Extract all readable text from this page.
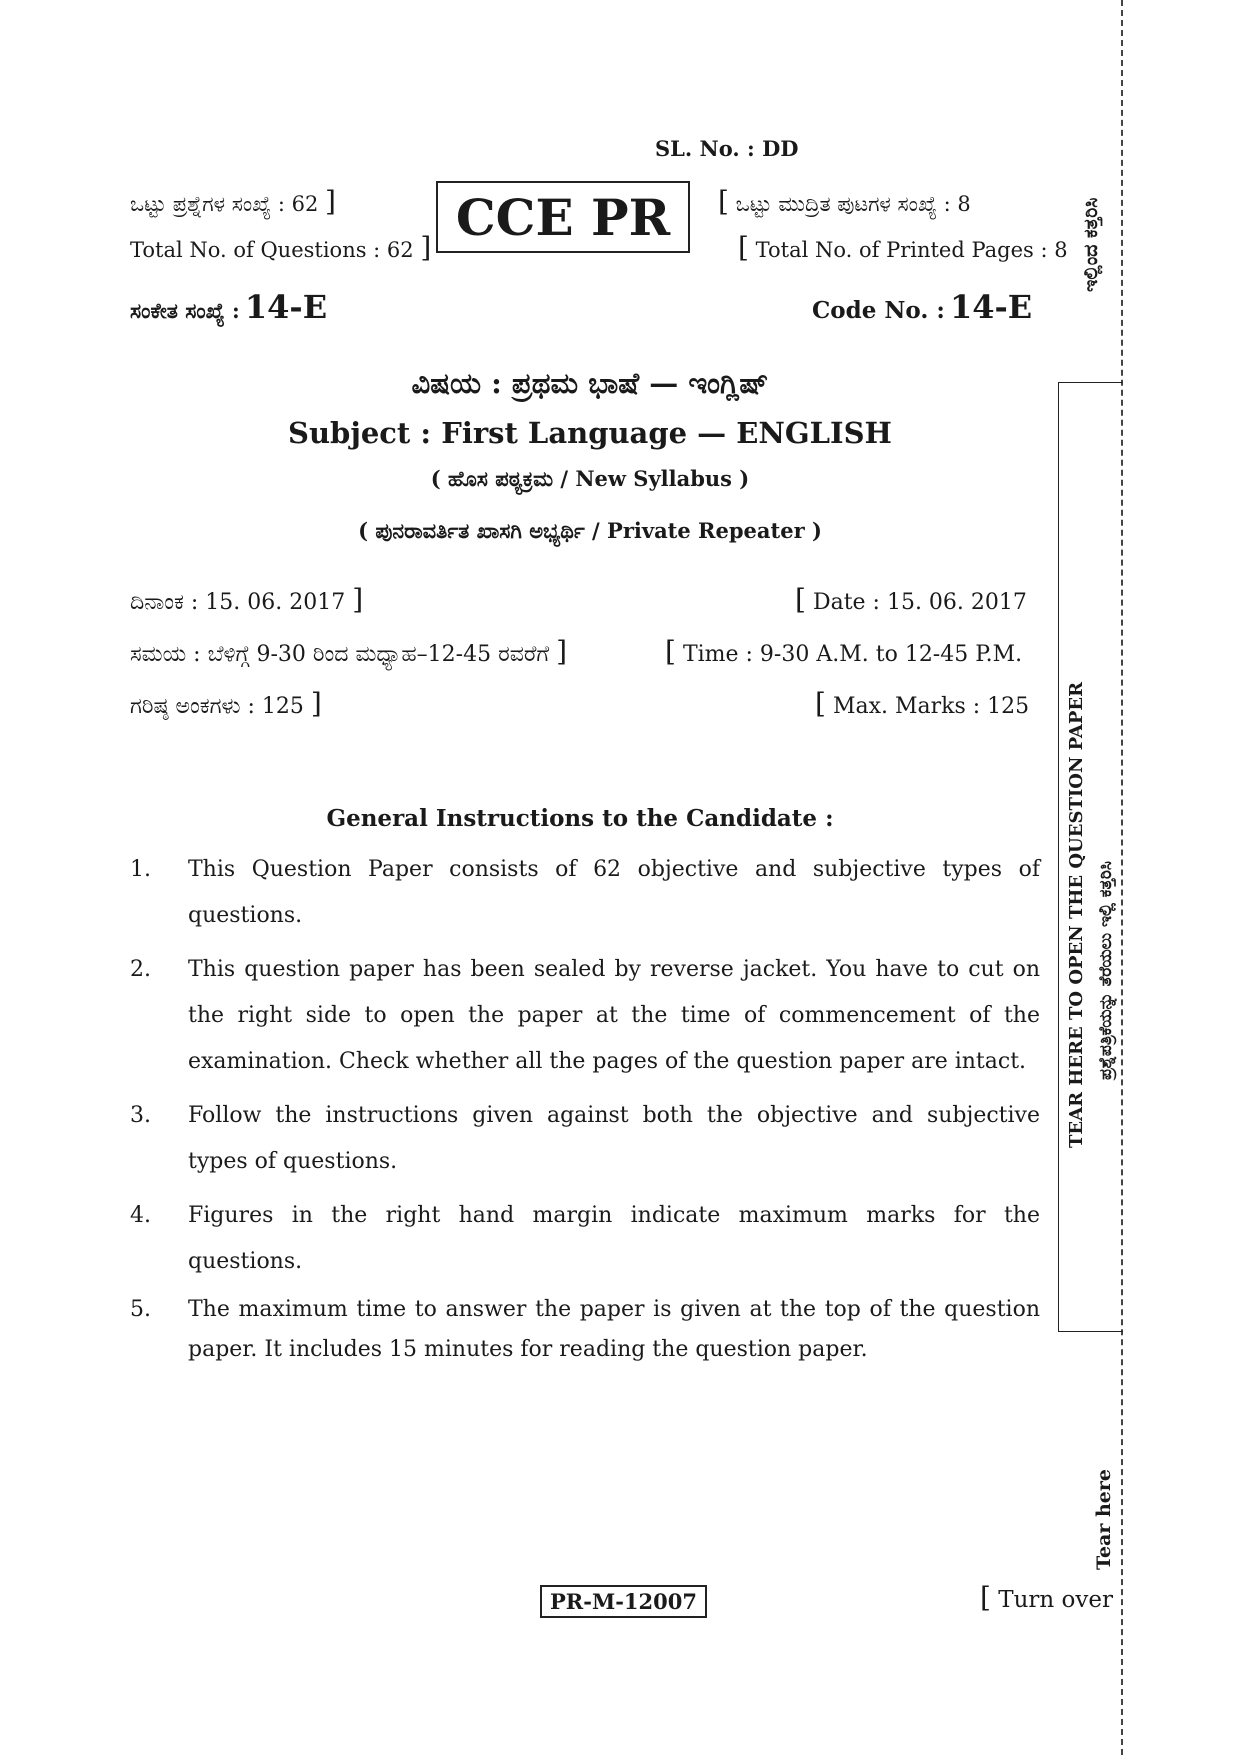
SL. No. : DD
ಒಟ್ಟು ಪ್ರಶ್ನೆಗಳ ಸಂಖ್ಯೆ : 62 ]
Total No. of Questions : 62 ]
CCE PR	[ ಒಟ್ಟು ಮುದ್ರಿತ ಪುಟಗಳ ಸಂಖ್ಯೆ : 8
[ Total No. of Printed Pages : 8 ಇಲ್ಲಿಂದ ಕತ್ತರಿಸಿ
ಸಂಕೇತ ಸಂಖ್ಯೆ : 14-E	Code No. : 14-E
ವಿಷಯ : ಪ್ರಥಮ ಭಾಷೆ — ಇಂಗ್ಲಿಷ್
Subject : First Language — ENGLISH
( ಹೊಸ ಪಠ್ಯಕ್ರಮ / New Syllabus )
( ಪುನರಾವರ್ತಿತ ಖಾಸಗಿ ಅಭ್ಯರ್ಥಿ / Private Repeater )
ದಿನಾಂಕ : 15. 06. 2017 ]	[ Date : 15. 06. 2017
ಸಮಯ : ಬೆಳಿಗ್ಗೆ 9-30 ರಿಂದ ಮಧ್ಯಾಹ–12-45 ರವರೆಗೆ ]	[ Time : 9-30 A.M. to 12-45 P.M.
ಗರಿಷ್ಠ ಅಂಕಗಳು : 125 ]	[ Max. Marks : 125
General Instructions to the Candidate :
1.	This Question Paper consists of 62 objective and subjective types of questions.
2.	This question paper has been sealed by reverse jacket. You have to cut on the right side to open the paper at the time of commencement of the examination. Check whether all the pages of the question paper are intact.
3.	Follow the instructions given against both the objective and subjective types of questions.
4.	Figures in the right hand margin indicate maximum marks for the questions.
5.	The maximum time to answer the paper is given at the top of the question paper. It includes 15 minutes for reading the question paper.
TEAR HERE TO OPEN THE QUESTION PAPER ಪ್ರಶ್ನೆಪತ್ರಿಕೆಯನ್ನು ತೆರೆಯಲು ಇಲ್ಲಿ ಕತ್ತರಿಸಿ
Tear here
PR-M-12007	[ Turn over
